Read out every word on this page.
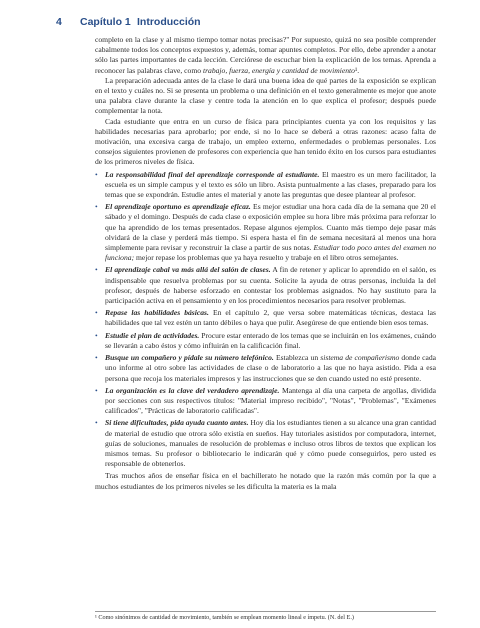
4 Capítulo 1 Introducción

completo en la clase y al mismo tiempo tomar notas precisas?" Por supuesto, quizá no sea posible comprender cabalmente todos los conceptos expuestos y, además, tomar apuntes completos. Por ello, debe aprender a anotar sólo las partes importantes de cada lección. Cerciórese de escuchar bien la explicación de los temas. Aprenda a reconocer las palabras clave, como trabajo, fuerza, energía y cantidad de movimiento¹.

La preparación adecuada antes de la clase le dará una buena idea de qué partes de la exposición se explican en el texto y cuáles no. Si se presenta un problema o una definición en el texto generalmente es mejor que anote una palabra clave durante la clase y centre toda la atención en lo que explica el profesor; después puede complementar la nota.

Cada estudiante que entra en un curso de física para principiantes cuenta ya con los requisitos y las habilidades necesarias para aprobarlo; por ende, si no lo hace se deberá a otras razones: acaso falta de motivación, una excesiva carga de trabajo, un empleo externo, enfermedades o problemas personales. Los consejos siguientes provienen de profesores con experiencia que han tenido éxito en los cursos para estudiantes de los primeros niveles de física.

• La responsabilidad final del aprendizaje corresponde al estudiante. El maestro es un mero facilitador, la escuela es un simple campus y el texto es sólo un libro. Asista puntualmente a las clases, preparado para los temas que se expondrán. Estudie antes el material y anote las preguntas que desee plantear al profesor.
• El aprendizaje oportuno es aprendizaje eficaz. Es mejor estudiar una hora cada día de la semana que 20 el sábado y el domingo. Después de cada clase o exposición emplee su hora libre más próxima para reforzar lo que ha aprendido de los temas presentados. Repase algunos ejemplos. Cuanto más tiempo deje pasar más olvidará de la clase y perderá más tiempo. Si espera hasta el fin de semana necesitará al menos una hora simplemente para revisar y reconstruir la clase a partir de sus notas. Estudiar todo poco antes del examen no funciona; mejor repase los problemas que ya haya resuelto y trabaje en el libro otros semejantes.
• El aprendizaje cabal va más allá del salón de clases. A fin de retener y aplicar lo aprendido en el salón, es indispensable que resuelva problemas por su cuenta. Solicite la ayuda de otras personas, incluida la del profesor, después de haberse esforzado en contestar los problemas asignados. No hay sustituto para la participación activa en el pensamiento y en los procedimientos necesarios para resolver problemas.
• Repase las habilidades básicas. En el capítulo 2, que versa sobre matemáticas técnicas, destaca las habilidades que tal vez estén un tanto débiles o haya que pulir. Asegúrese de que entiende bien esos temas.
• Estudie el plan de actividades. Procure estar enterado de los temas que se incluirán en los exámenes, cuándo se llevarán a cabo éstos y cómo influirán en la calificación final.
• Busque un compañero y pídale su número telefónico. Establezca un sistema de compañerismo donde cada uno informe al otro sobre las actividades de clase o de laboratorio a las que no haya asistido. Pida a esa persona que recoja los materiales impresos y las instrucciones que se den cuando usted no esté presente.
• La organización es la clave del verdadero aprendizaje. Mantenga al día una carpeta de argollas, dividida por secciones con sus respectivos títulos: "Material impreso recibido", "Notas", "Problemas", "Exámenes calificados", "Prácticas de laboratorio calificadas".
• Si tiene dificultades, pida ayuda cuanto antes. Hoy día los estudiantes tienen a su alcance una gran cantidad de material de estudio que otrora sólo existía en sueños. Hay tutoriales asistidos por computadora, internet, guías de soluciones, manuales de resolución de problemas e incluso otros libros de textos que explican los mismos temas. Su profesor o bibliotecario le indicarán qué y cómo puede conseguirlos, pero usted es responsable de obtenerlos.

Tras muchos años de enseñar física en el bachillerato he notado que la razón más común por la que a muchos estudiantes de los primeros niveles se les dificulta la materia es la mala

¹ Como sinónimos de cantidad de movimiento, también se emplean momento lineal e ímpetu. (N. del E.)
